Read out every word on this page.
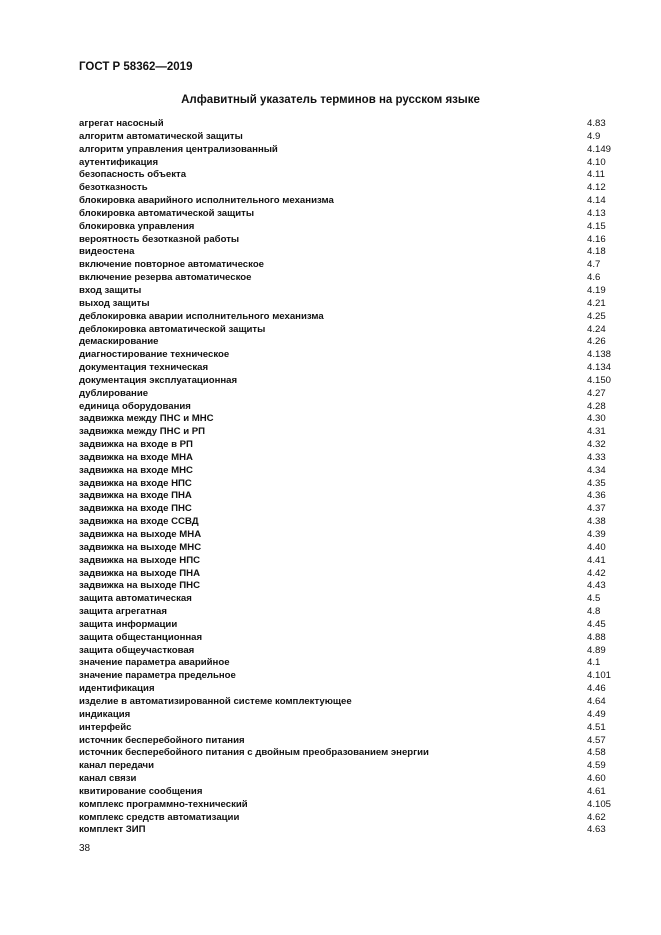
ГОСТ Р 58362—2019
Алфавитный указатель терминов на русском языке
агрегат насосный	4.83
алгоритм автоматической защиты	4.9
алгоритм управления централизованный	4.149
аутентификация	4.10
безопасность объекта	4.11
безотказность	4.12
блокировка аварийного исполнительного механизма	4.14
блокировка автоматической защиты	4.13
блокировка управления	4.15
вероятность безотказной работы	4.16
видеостена	4.18
включение повторное автоматическое	4.7
включение резерва автоматическое	4.6
вход защиты	4.19
выход защиты	4.21
деблокировка аварии исполнительного механизма	4.25
деблокировка автоматической защиты	4.24
демаскирование	4.26
диагностирование техническое	4.138
документация техническая	4.134
документация эксплуатационная	4.150
дублирование	4.27
единица оборудования	4.28
задвижка между ПНС и МНС	4.30
задвижка между ПНС и РП	4.31
задвижка на входе в РП	4.32
задвижка на входе МНА	4.33
задвижка на входе МНС	4.34
задвижка на входе НПС	4.35
задвижка на входе ПНА	4.36
задвижка на входе ПНС	4.37
задвижка на входе ССВД	4.38
задвижка на выходе МНА	4.39
задвижка на выходе МНС	4.40
задвижка на выходе НПС	4.41
задвижка на выходе ПНА	4.42
задвижка на выходе ПНС	4.43
защита автоматическая	4.5
защита агрегатная	4.8
защита информации	4.45
защита общестанционная	4.88
защита общеучастковая	4.89
значение параметра аварийное	4.1
значение параметра предельное	4.101
идентификация	4.46
изделие в автоматизированной системе комплектующее	4.64
индикация	4.49
интерфейс	4.51
источник бесперебойного питания	4.57
источник бесперебойного питания с двойным преобразованием энергии	4.58
канал передачи	4.59
канал связи	4.60
квитирование сообщения	4.61
комплекс программно-технический	4.105
комплекс средств автоматизации	4.62
комплект ЗИП	4.63
38
